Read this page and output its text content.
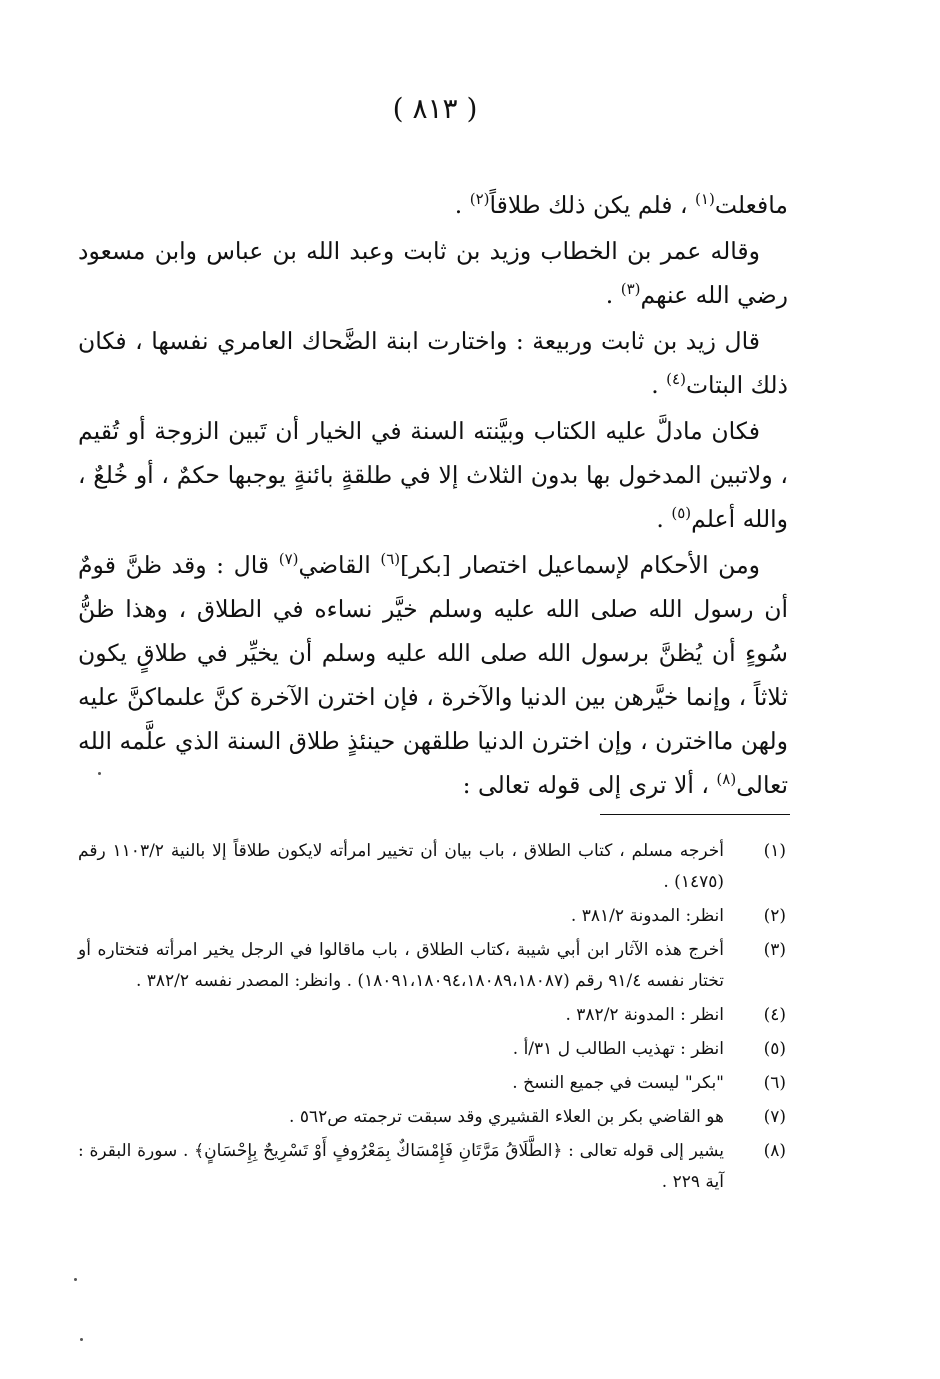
( ٨١٣ )

مافعلت$^{(١)}$ ، فلم يكن ذلك طلاقاً$^{(٢)}$ .

وقاله عمر بن الخطاب وزيد بن ثابت وعبد الله بن عباس وابن مسعود رضي الله عنهم$^{(٣)}$ .

قال زيد بن ثابت وربيعة : واختارت ابنة الضَّحاك العامري نفسها ، فكان ذلك البتات$^{(٤)}$ .

فكان مادلَّ عليه الكتاب وبيَّنته السنة في الخيار أن تَبين الزوجة أو تُقيم ، ولاتبين المدخول بها بدون الثلاث إلا في طلقةٍ بائنةٍ يوجبها حكمٌ ، أو خُلعٌ ، والله أعلم$^{(٥)}$ .

ومن الأحكام لإسماعيل اختصار [بكر]$^{(٦)}$ القاضي$^{(٧)}$ قال : وقد ظنَّ قومٌ أن رسول الله صلى الله عليه وسلم خيَّر نساءه في الطلاق ، وهذا ظنُّ سُوءٍ أن يُظنَّ برسول الله صلى الله عليه وسلم أن يخيِّر في طلاقٍ يكون ثلاثاً ، وإنما خيَّرهن بين الدنيا والآخرة ، فإن اخترن الآخرة كنَّ علىماكنَّ عليه ولهن مااخترن ، وإن اخترن الدنيا طلقهن حينئذٍ طلاق السنة الذي علَّمه الله تعالى$^{(٨)}$ ، ألا ترى إلى قوله تعالى :

(١)
أخرجه مسلم ، كتاب الطلاق ، باب بيان أن تخيير امرأته لايكون طلاقاً إلا بالنية ١١٠٣/٢ رقم (١٤٧٥) .
(٢)
انظر: المدونة ٣٨١/٢ .
(٣)
أخرج هذه الآثار ابن أبي شيبة ،كتاب الطلاق ، باب ماقالوا في الرجل يخير امرأته فتختاره أو تختار نفسه ٩١/٤ رقم (١٨٠٩١،١٨٠٩٤،١٨٠٨٩،١٨٠٨٧) . وانظر: المصدر نفسه ٣٨٢/٢ .
(٤)
انظر : المدونة ٣٨٢/٢ .
(٥)
انظر : تهذيب الطالب ل ٣١/أ .
(٦)
"بكر" ليست في جميع النسخ .
(٧)
هو القاضي بكر بن العلاء القشيري وقد سبقت ترجمته ص٥٦٢ .
(٨)
يشير إلى قوله تعالى : ﴿الطَّلَاقُ مَرَّتَانِ فَإِمْسَاكٌ بِمَعْرُوفٍ أَوْ تَسْرِيحٌ بِإِحْسَانٍ﴾ . سورة البقرة : آية ٢٢٩ .
